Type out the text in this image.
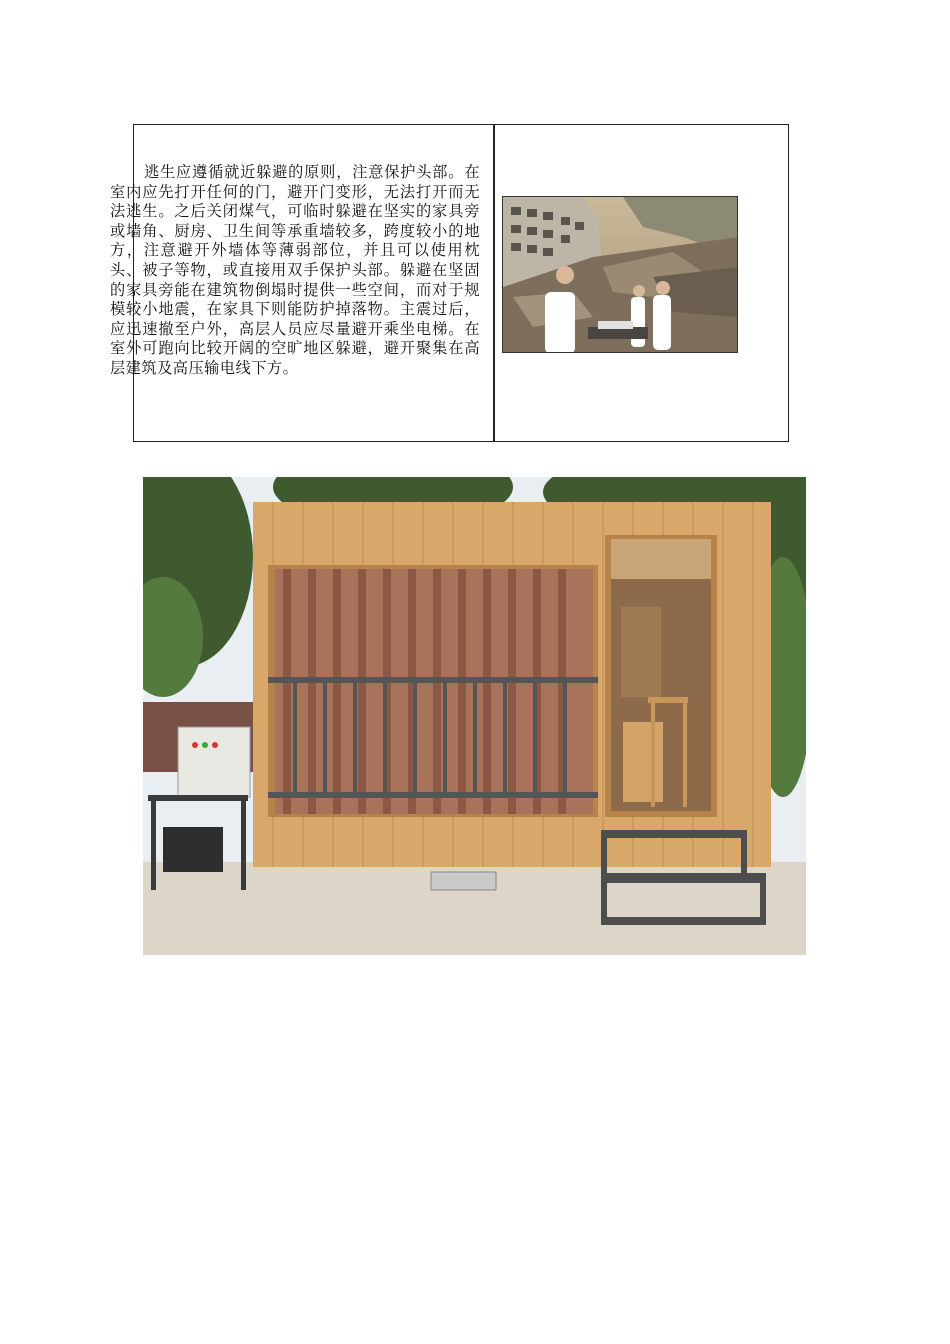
逃生应遵循就近躲避的原则，注意保护头部。在室内应先打开任何的门，避开门变形，无法打开而无法逃生。之后关闭煤气，可临时躲避在坚实的家具旁或墙角、厨房、卫生间等承重墙较多，跨度较小的地方，注意避开外墙体等薄弱部位，并且可以使用枕头、被子等物，或直接用双手保护头部。躲避在坚固的家具旁能在建筑物倒塌时提供一些空间，而对于规模较小地震，在家具下则能防护掉落物。主震过后，应迅速撤至户外，高层人员应尽量避开乘坐电梯。在室外可跑向比较开阔的空旷地区躲避，避开聚集在高层建筑及高压输电线下方。
